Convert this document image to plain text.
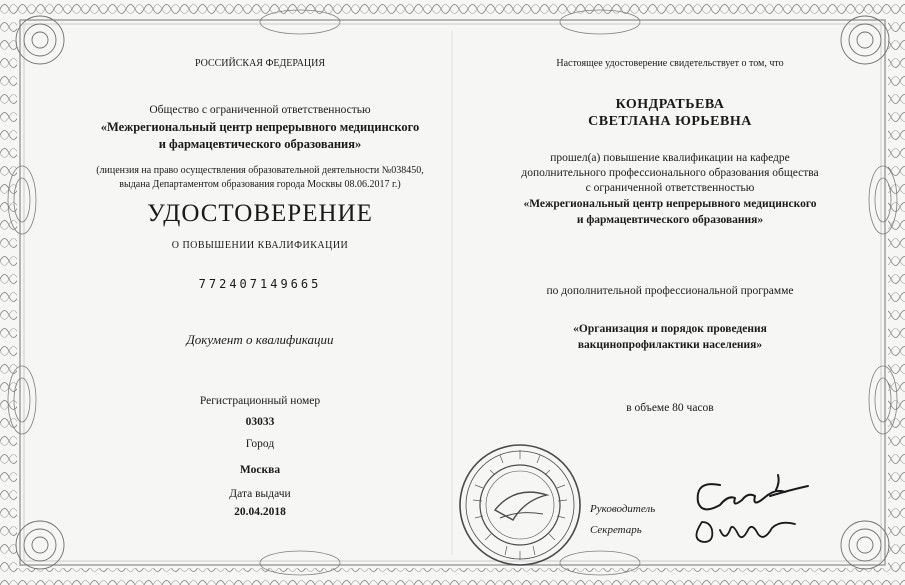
РОССИЙСКАЯ ФЕДЕРАЦИЯ
Общество с ограниченной ответственностью
«Межрегиональный центр непрерывного медицинского
и фармацевтического образования»
(лицензия на право осуществления образовательной деятельности №038450,
выдана Департаментом образования города Москвы 08.06.2017 г.)
УДОСТОВЕРЕНИЕ
О ПОВЫШЕНИИ КВАЛИФИКАЦИИ
772407149665
Документ о квалификации
Регистрационный номер
03033
Город
Москва
Дата выдачи
20.04.2018
Настоящее удостоверение свидетельствует о том, что
КОНДРАТЬЕВА
СВЕТЛАНА ЮРЬЕВНА
прошел(а) повышение квалификации на кафедре
дополнительного профессионального образования общества
с ограниченной ответственностью
«Межрегиональный центр непрерывного медицинского
и фармацевтического образования»
по дополнительной профессиональной программе
«Организация и порядок проведения
вакцинопрофилактики населения»
в объеме 80 часов
Руководитель
Секретарь
